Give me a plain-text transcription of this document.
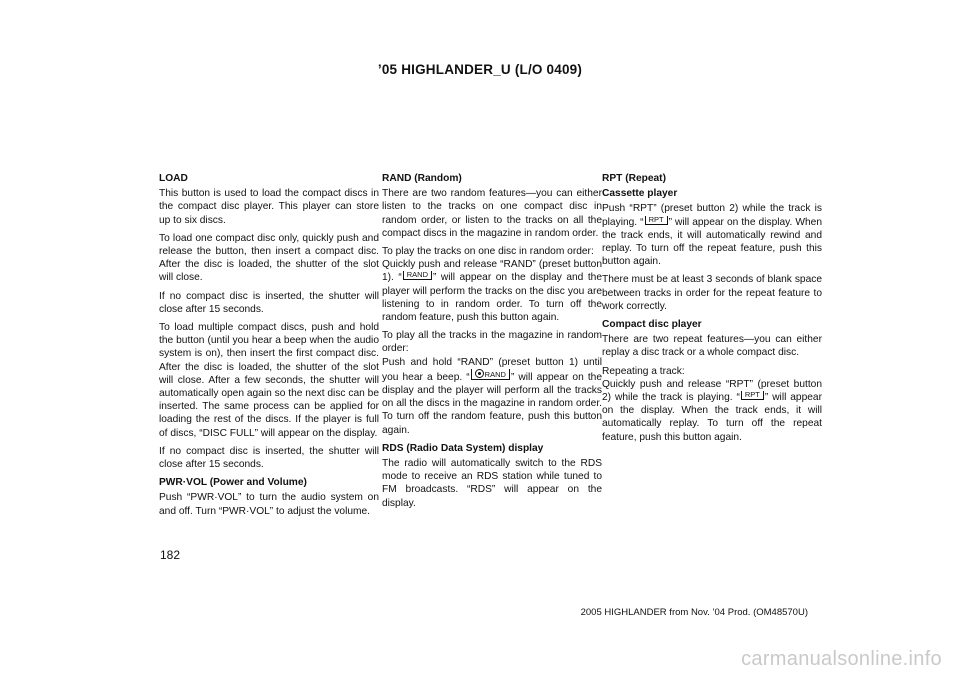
’05 HIGHLANDER_U (L/O 0409)

LOAD

This button is used to load the compact discs in the compact disc player. This player can store up to six discs.

To load one compact disc only, quickly push and release the button, then insert a compact disc. After the disc is loaded, the shutter of the slot will close.

If no compact disc is inserted, the shutter will close after 15 seconds.

To load multiple compact discs, push and hold the button (until you hear a beep when the audio system is on), then insert the first compact disc. After the disc is loaded, the shutter of the slot will close. After a few seconds, the shutter will automatically open again so the next disc can be inserted. The same process can be applied for loading the rest of the discs. If the player is full of discs, “DISC FULL” will appear on the display.

If no compact disc is inserted, the shutter will close after 15 seconds.

PWR·VOL (Power and Volume)

Push “PWR·VOL” to turn the audio system on and off. Turn “PWR·VOL” to adjust the volume.

RAND (Random)

There are two random features—you can either listen to the tracks on one compact disc in random order, or listen to the tracks on all the compact discs in the magazine in random order.

To play the tracks on one disc in random order:
Quickly push and release “RAND” (preset button 1). “ RAND ” will appear on the display and the player will perform the tracks on the disc you are listening to in random order. To turn off the random feature, push this button again.

To play all the tracks in the magazine in random order:
Push and hold “RAND” (preset button 1) until you hear a beep. “ RAND ” will appear on the display and the player will perform all the tracks on all the discs in the magazine in random order. To turn off the random feature, push this button again.

RDS (Radio Data System) display

The radio will automatically switch to the RDS mode to receive an RDS station while tuned to FM broadcasts. “RDS” will appear on the display.

RPT (Repeat)

Cassette player

Push “RPT” (preset button 2) while the track is playing. “ RPT ” will appear on the display. When the track ends, it will automatically rewind and replay. To turn off the repeat feature, push this button again.

There must be at least 3 seconds of blank space between tracks in order for the repeat feature to work correctly.

Compact disc player

There are two repeat features—you can either replay a disc track or a whole compact disc.

Repeating a track:
Quickly push and release “RPT” (preset button 2) while the track is playing. “ RPT ” will appear on the display. When the track ends, it will automatically replay. To turn off the repeat feature, push this button again.

182
2005 HIGHLANDER from Nov. ’04 Prod. (OM48570U)
carmanualsonline.info
